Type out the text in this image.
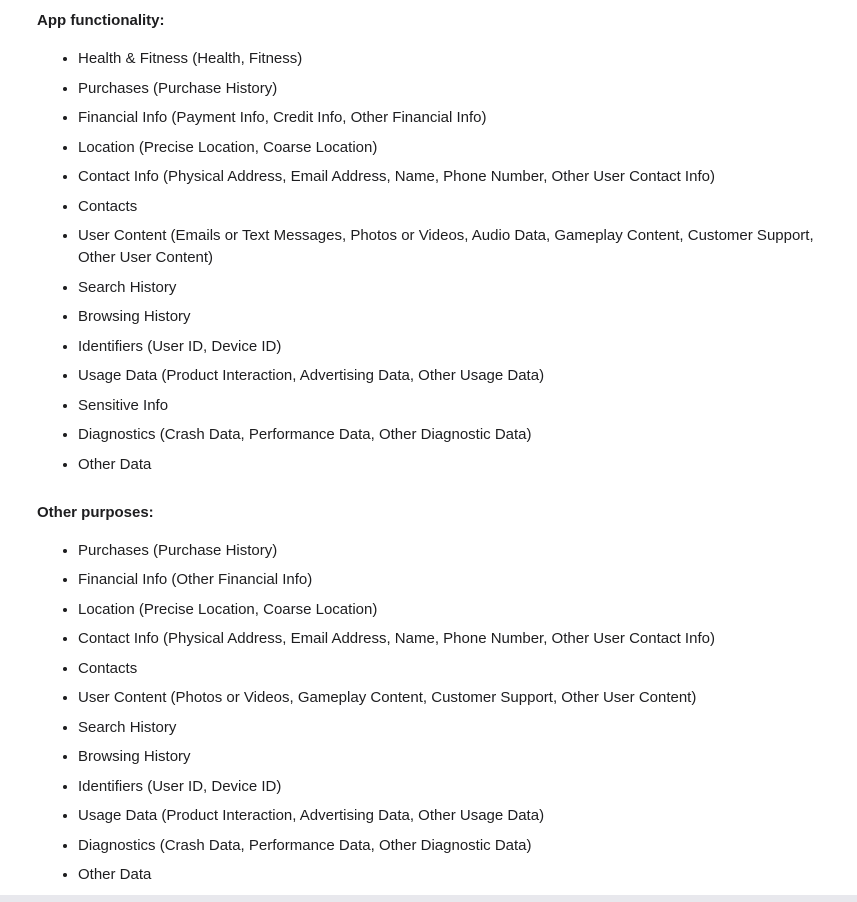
App functionality:
• Health & Fitness (Health, Fitness)
• Purchases (Purchase History)
• Financial Info (Payment Info, Credit Info, Other Financial Info)
• Location (Precise Location, Coarse Location)
• Contact Info (Physical Address, Email Address, Name, Phone Number, Other User Contact Info)
• Contacts
• User Content (Emails or Text Messages, Photos or Videos, Audio Data, Gameplay Content, Customer Support, Other User Content)
• Search History
• Browsing History
• Identifiers (User ID, Device ID)
• Usage Data (Product Interaction, Advertising Data, Other Usage Data)
• Sensitive Info
• Diagnostics (Crash Data, Performance Data, Other Diagnostic Data)
• Other Data
Other purposes:
• Purchases (Purchase History)
• Financial Info (Other Financial Info)
• Location (Precise Location, Coarse Location)
• Contact Info (Physical Address, Email Address, Name, Phone Number, Other User Contact Info)
• Contacts
• User Content (Photos or Videos, Gameplay Content, Customer Support, Other User Content)
• Search History
• Browsing History
• Identifiers (User ID, Device ID)
• Usage Data (Product Interaction, Advertising Data, Other Usage Data)
• Diagnostics (Crash Data, Performance Data, Other Diagnostic Data)
• Other Data
